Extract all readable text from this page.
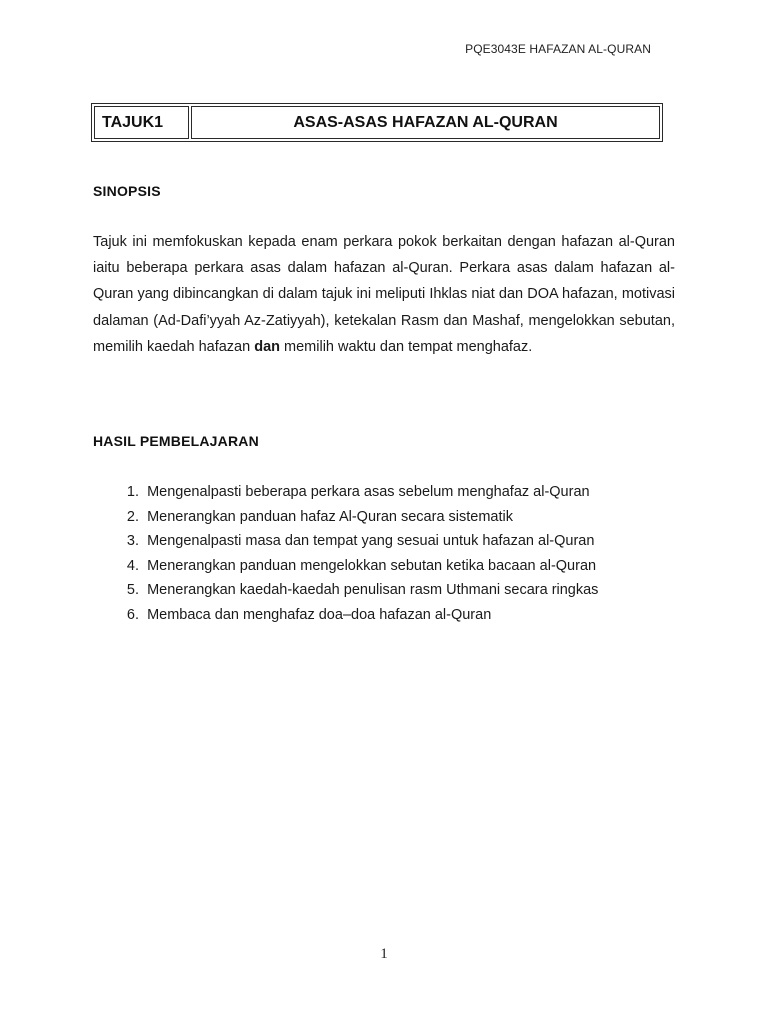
PQE3043E HAFAZAN AL-QURAN
TAJUK1	ASAS-ASAS HAFAZAN AL-QURAN
SINOPSIS
Tajuk ini memfokuskan kepada enam perkara pokok berkaitan dengan hafazan al-Quran iaitu beberapa perkara asas dalam hafazan al-Quran. Perkara asas dalam hafazan al-Quran yang dibincangkan di dalam tajuk ini meliputi Ihklas niat dan DOA hafazan, motivasi dalaman (Ad-Dafi’yyah Az-Zatiyyah), ketekalan Rasm dan Mashaf, mengelokkan sebutan, memilih kaedah hafazan dan memilih waktu dan tempat menghafaz.
HASIL PEMBELAJARAN
1.
Mengenalpasti beberapa perkara asas sebelum menghafaz al-Quran
2.
Menerangkan panduan hafaz Al-Quran secara sistematik
3.
Mengenalpasti masa dan tempat yang sesuai untuk hafazan al-Quran
4.
Menerangkan panduan mengelokkan sebutan ketika bacaan al-Quran
5.
Menerangkan kaedah-kaedah penulisan rasm Uthmani secara ringkas
6.
Membaca dan menghafaz doa–doa hafazan al-Quran
1
